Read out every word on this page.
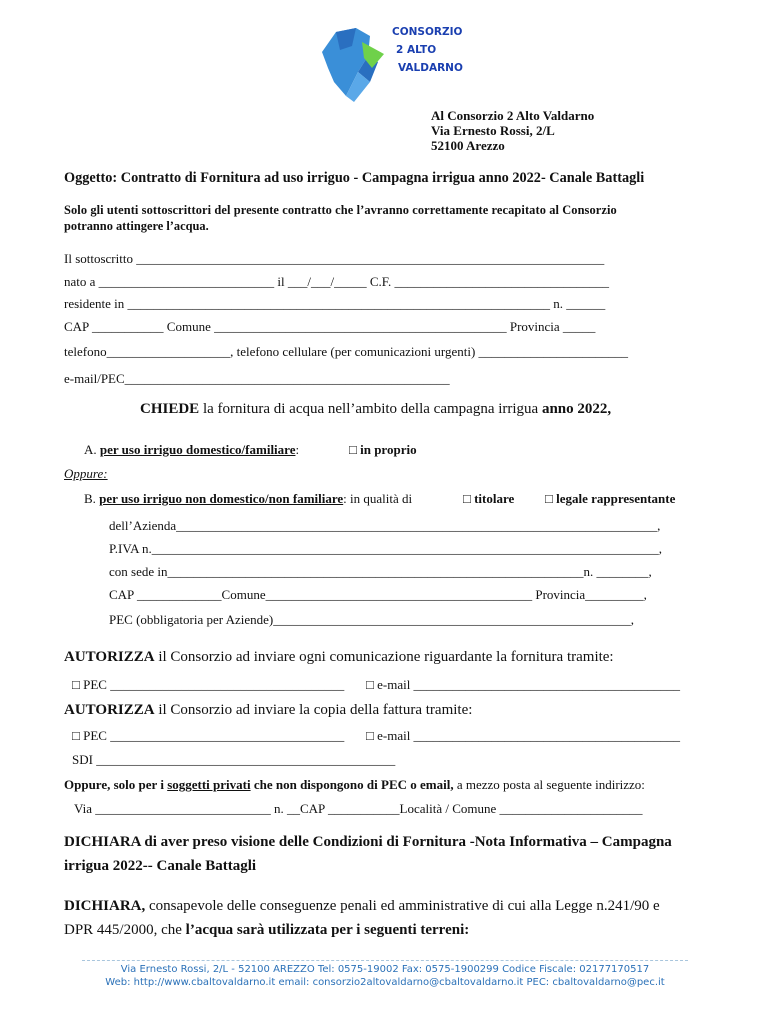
CONSORZIO
2 ALTO
VALDARNO
Al Consorzio 2 Alto Valdarno
Via Ernesto Rossi, 2/L
52100 Arezzo
Oggetto: Contratto di Fornitura ad uso irriguo - Campagna irrigua anno 2022- Canale Battagli
Solo gli utenti sottoscrittori del presente contratto che l’avranno correttamente recapitato al Consorzio
potranno attingere l’acqua.
Il sottoscritto ________________________________________________________________________
nato a ___________________________ il ___/___/_____ C.F. _________________________________
residente in _________________________________________________________________ n. ______
CAP ___________ Comune _____________________________________________ Provincia _____
telefono___________________, telefono cellulare (per comunicazioni urgenti) _______________________
e-mail/PEC__________________________________________________
CHIEDE la fornitura di acqua nell’ambito della campagna irrigua anno 2022,
A. per uso irriguo domestico/familiare:	□ in proprio
Oppure:
B. per uso irriguo non domestico/non familiare: in qualità di	□ titolare □ legale rappresentante
dell’Azienda__________________________________________________________________________,
P.IVA n.______________________________________________________________________________,
con sede in________________________________________________________________n. ________,
CAP _____________Comune_________________________________________ Provincia_________,
PEC (obbligatoria per Aziende)_______________________________________________________,
AUTORIZZA il Consorzio ad inviare ogni comunicazione riguardante la fornitura tramite:
□ PEC ____________________________________ □ e-mail _________________________________________
AUTORIZZA il Consorzio ad inviare la copia della fattura tramite:
□ PEC ____________________________________ □ e-mail _________________________________________
SDI ______________________________________________
Oppure, solo per i soggetti privati che non dispongono di PEC o email, a mezzo posta al seguente indirizzo:
Via ___________________________ n. __CAP ___________Località / Comune ______________________
DICHIARA di aver preso visione delle Condizioni di Fornitura -Nota Informativa – Campagna
irrigua 2022-- Canale Battagli
DICHIARA, consapevole delle conseguenze penali ed amministrative di cui alla Legge n.241/90 e
DPR 445/2000, che l’acqua sarà utilizzata per i seguenti terreni:
Via Ernesto Rossi, 2/L - 52100 AREZZO Tel: 0575-19002 Fax: 0575-1900299 Codice Fiscale: 02177170517
Web: http://www.cbaltovaldarno.it email: consorzio2altovaldarno@cbaltovaldarno.it PEC: cbaltovaldarno@pec.it
